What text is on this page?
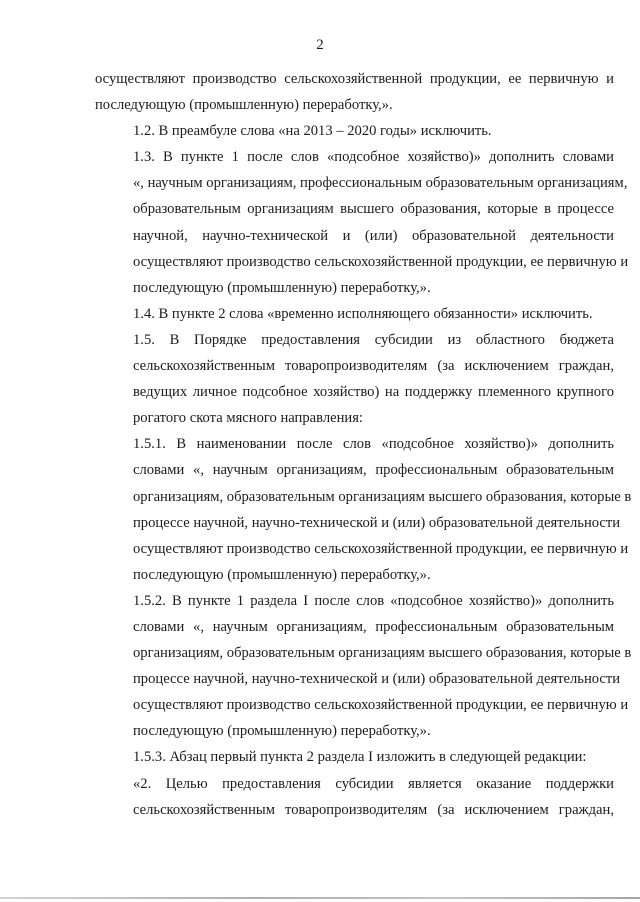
2

осуществляют производство сельскохозяйственной продукции, ее первичную и
последующую (промышленную) переработку,».

1.2. В преамбуле слова «на 2013 – 2020 годы» исключить.

1.3. В пункте 1 после слов «подсобное хозяйство)» дополнить словами
«, научным организациям, профессиональным образовательным организациям,
образовательным организациям высшего образования, которые в процессе
научной, научно-технической и (или) образовательной деятельности
осуществляют производство сельскохозяйственной продукции, ее первичную и
последующую (промышленную) переработку,».

1.4. В пункте 2 слова «временно исполняющего обязанности» исключить.

1.5. В Порядке предоставления субсидии из областного бюджета
сельскохозяйственным товаропроизводителям (за исключением граждан,
ведущих личное подсобное хозяйство) на поддержку племенного крупного
рогатого скота мясного направления:

1.5.1. В наименовании после слов «подсобное хозяйство)» дополнить
словами «, научным организациям, профессиональным образовательным
организациям, образовательным организациям высшего образования, которые в
процессе научной, научно-технической и (или) образовательной деятельности
осуществляют производство сельскохозяйственной продукции, ее первичную и
последующую (промышленную) переработку,».

1.5.2. В пункте 1 раздела I после слов «подсобное хозяйство)» дополнить
словами «, научным организациям, профессиональным образовательным
организациям, образовательным организациям высшего образования, которые в
процессе научной, научно-технической и (или) образовательной деятельности
осуществляют производство сельскохозяйственной продукции, ее первичную и
последующую (промышленную) переработку,».

1.5.3. Абзац первый пункта 2 раздела I изложить в следующей редакции:

«2. Целью предоставления субсидии является оказание поддержки
сельскохозяйственным товаропроизводителям (за исключением граждан,
